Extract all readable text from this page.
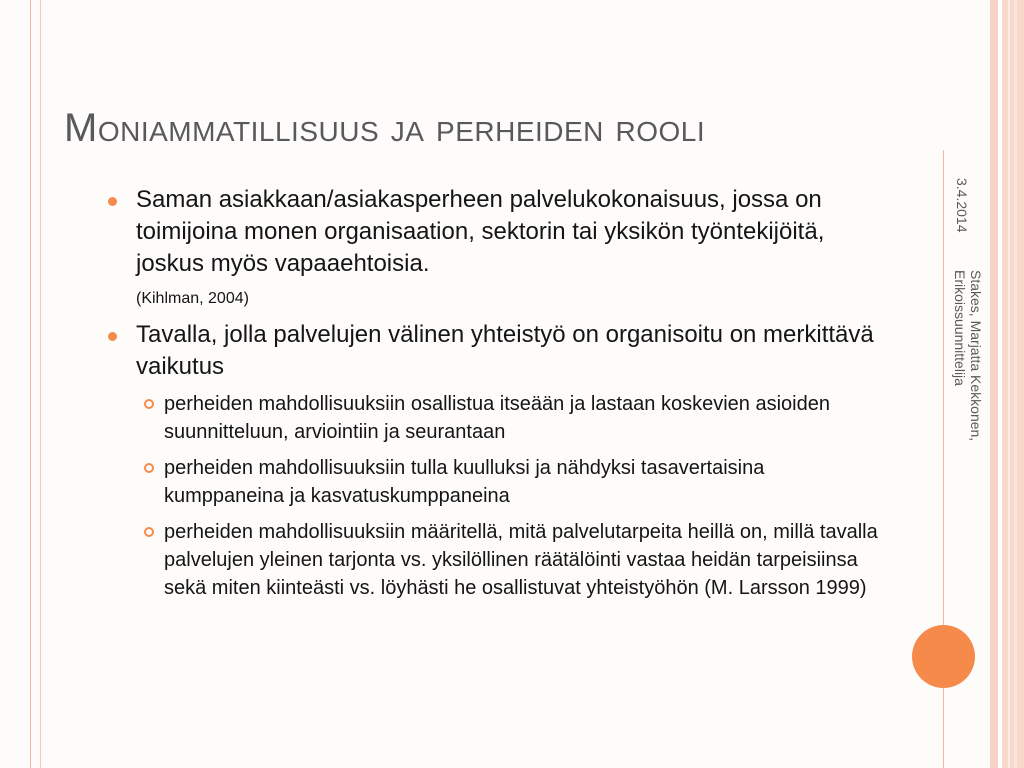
Moniammatillisuus ja perheiden rooli
Saman asiakkaan/asiakasperheen palvelukokonaisuus, jossa on toimijoina monen organisaation, sektorin tai yksikön työntekijöitä, joskus myös vapaaehtoisia.
(Kihlman, 2004)
Tavalla, jolla palvelujen välinen yhteistyö on organisoitu on merkittävä vaikutus
perheiden mahdollisuuksiin osallistua itseään ja lastaan koskevien asioiden suunnitteluun, arviointiin ja seurantaan
perheiden mahdollisuuksiin tulla kuulluksi ja nähdyksi tasavertaisina kumppaneina ja kasvatuskumppaneina
perheiden mahdollisuuksiin määritellä, mitä palvelutarpeita heillä on, millä tavalla palvelujen yleinen tarjonta vs. yksilöllinen räätälöinti vastaa heidän tarpeisiinsa sekä miten kiinteästi vs. löyhästi he osallistuvat yhteistyöhön (M. Larsson 1999)
3.4.2014
Stakes, Marjatta Kekkonen,
Erikoissuunnittelija
